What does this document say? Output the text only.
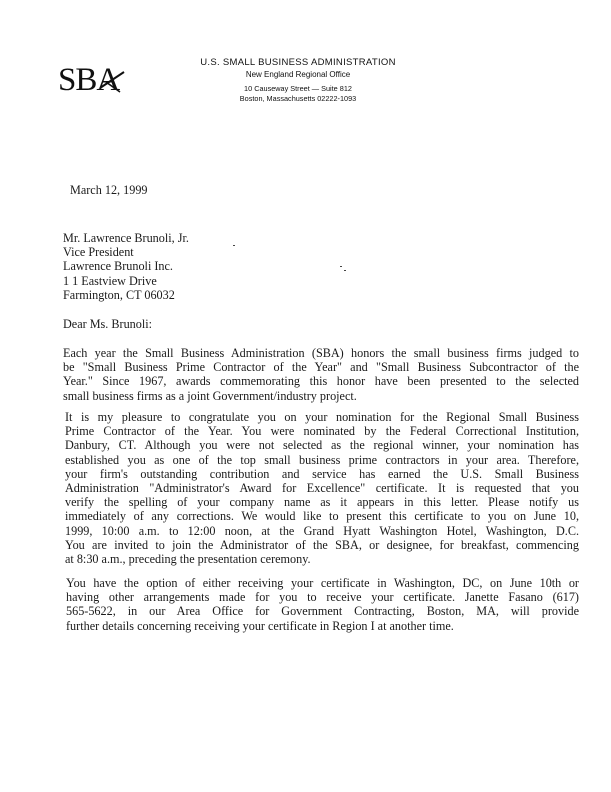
SBA	U.S. SMALL BUSINESS ADMINISTRATION
New England Regional Office
10 Causeway Street — Suite 812
Boston, Massachusetts 02222-1093
March 12, 1999
Mr. Lawrence Brunoli, Jr.
Vice President
Lawrence Brunoli Inc.
1 1 Eastview Drive
Farmington, CT 06032
Dear Ms. Brunoli:
Each year the Small Business Administration (SBA) honors the small business firms judged to
be "Small Business Prime Contractor of the Year" and "Small Business Subcontractor of the
Year." Since 1967, awards commemorating this honor have been presented to the selected
small business firms as a joint Government/industry project.
It is my pleasure to congratulate you on your nomination for the Regional Small Business
Prime Contractor of the Year. You were nominated by the Federal Correctional Institution,
Danbury, CT. Although you were not selected as the regional winner, your nomination has
established you as one of the top small business prime contractors in your area. Therefore,
your firm's outstanding contribution and service has earned the U.S. Small Business
Administration "Administrator's Award for Excellence" certificate. It is requested that you
verify the spelling of your company name as it appears in this letter. Please notify us
immediately of any corrections. We would like to present this certificate to you on June 10,
1999, 10:00 a.m. to 12:00 noon, at the Grand Hyatt Washington Hotel, Washington, D.C.
You are invited to join the Administrator of the SBA, or designee, for breakfast, commencing
at 8:30 a.m., preceding the presentation ceremony.
You have the option of either receiving your certificate in Washington, DC, on June 10th or
having other arrangements made for you to receive your certificate. Janette Fasano (617)
565-5622, in our Area Office for Government Contracting, Boston, MA, will provide
further details concerning receiving your certificate in Region I at another time.
